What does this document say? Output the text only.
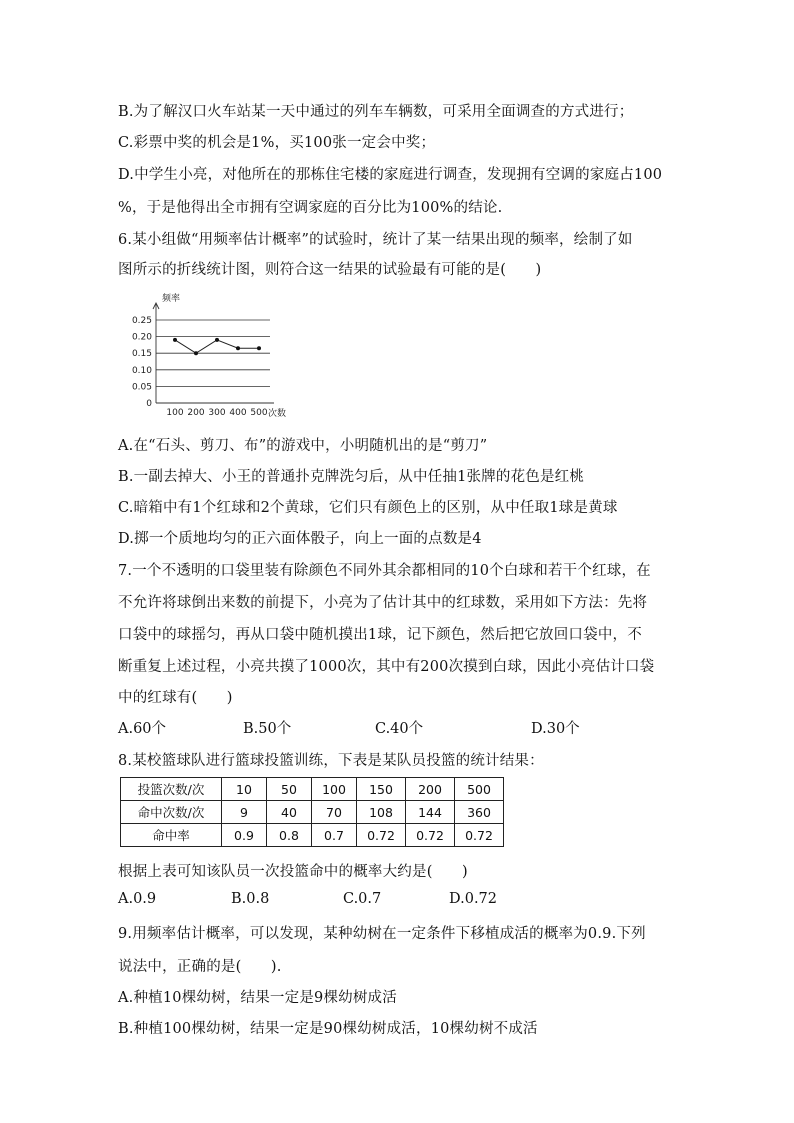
B.为了解汉口火车站某一天中通过的列车车辆数，可采用全面调查的方式进行；
C.彩票中奖的机会是1%，买100张一定会中奖；
D.中学生小亮，对他所在的那栋住宅楼的家庭进行调查，发现拥有空调的家庭占100
%，于是他得出全市拥有空调家庭的百分比为100%的结论.
6.某小组做“用频率估计概率”的试验时，统计了某一结果出现的频率，绘制了如
图所示的折线统计图，则符合这一结果的试验最有可能的是(　　)
0
0.05
0.10
0.15
0.20
0.25
100 200 300 400 500
频率
次数
A.在“石头、剪刀、布”的游戏中，小明随机出的是“剪刀”
B.一副去掉大、小王的普通扑克牌洗匀后，从中任抽1张牌的花色是红桃
C.暗箱中有1个红球和2个黄球，它们只有颜色上的区别，从中任取1球是黄球
D.掷一个质地均匀的正六面体骰子，向上一面的点数是4
7.一个不透明的口袋里装有除颜色不同外其余都相同的10个白球和若干个红球，在
不允许将球倒出来数的前提下，小亮为了估计其中的红球数，采用如下方法：先将
口袋中的球摇匀，再从口袋中随机摸出1球，记下颜色，然后把它放回口袋中，不
断重复上述过程，小亮共摸了1000次，其中有200次摸到白球，因此小亮估计口袋
中的红球有(　　)
A.60个	B.50个	C.40个	D.30个
8.某校篮球队进行篮球投篮训练，下表是某队员投篮的统计结果：
投篮次数/次	10	50	100	150	200	500
命中次数/次	9	40	70	108	144	360
命中率	0.9	0.8	0.7	0.72	0.72	0.72
根据上表可知该队员一次投篮命中的概率大约是(　　)
A.0.9	B.0.8	C.0.7	D.0.72
9.用频率估计概率，可以发现，某种幼树在一定条件下移植成活的概率为0.9.下列
说法中，正确的是(　　).
A.种植10棵幼树，结果一定是9棵幼树成活
B.种植100棵幼树，结果一定是90棵幼树成活，10棵幼树不成活
